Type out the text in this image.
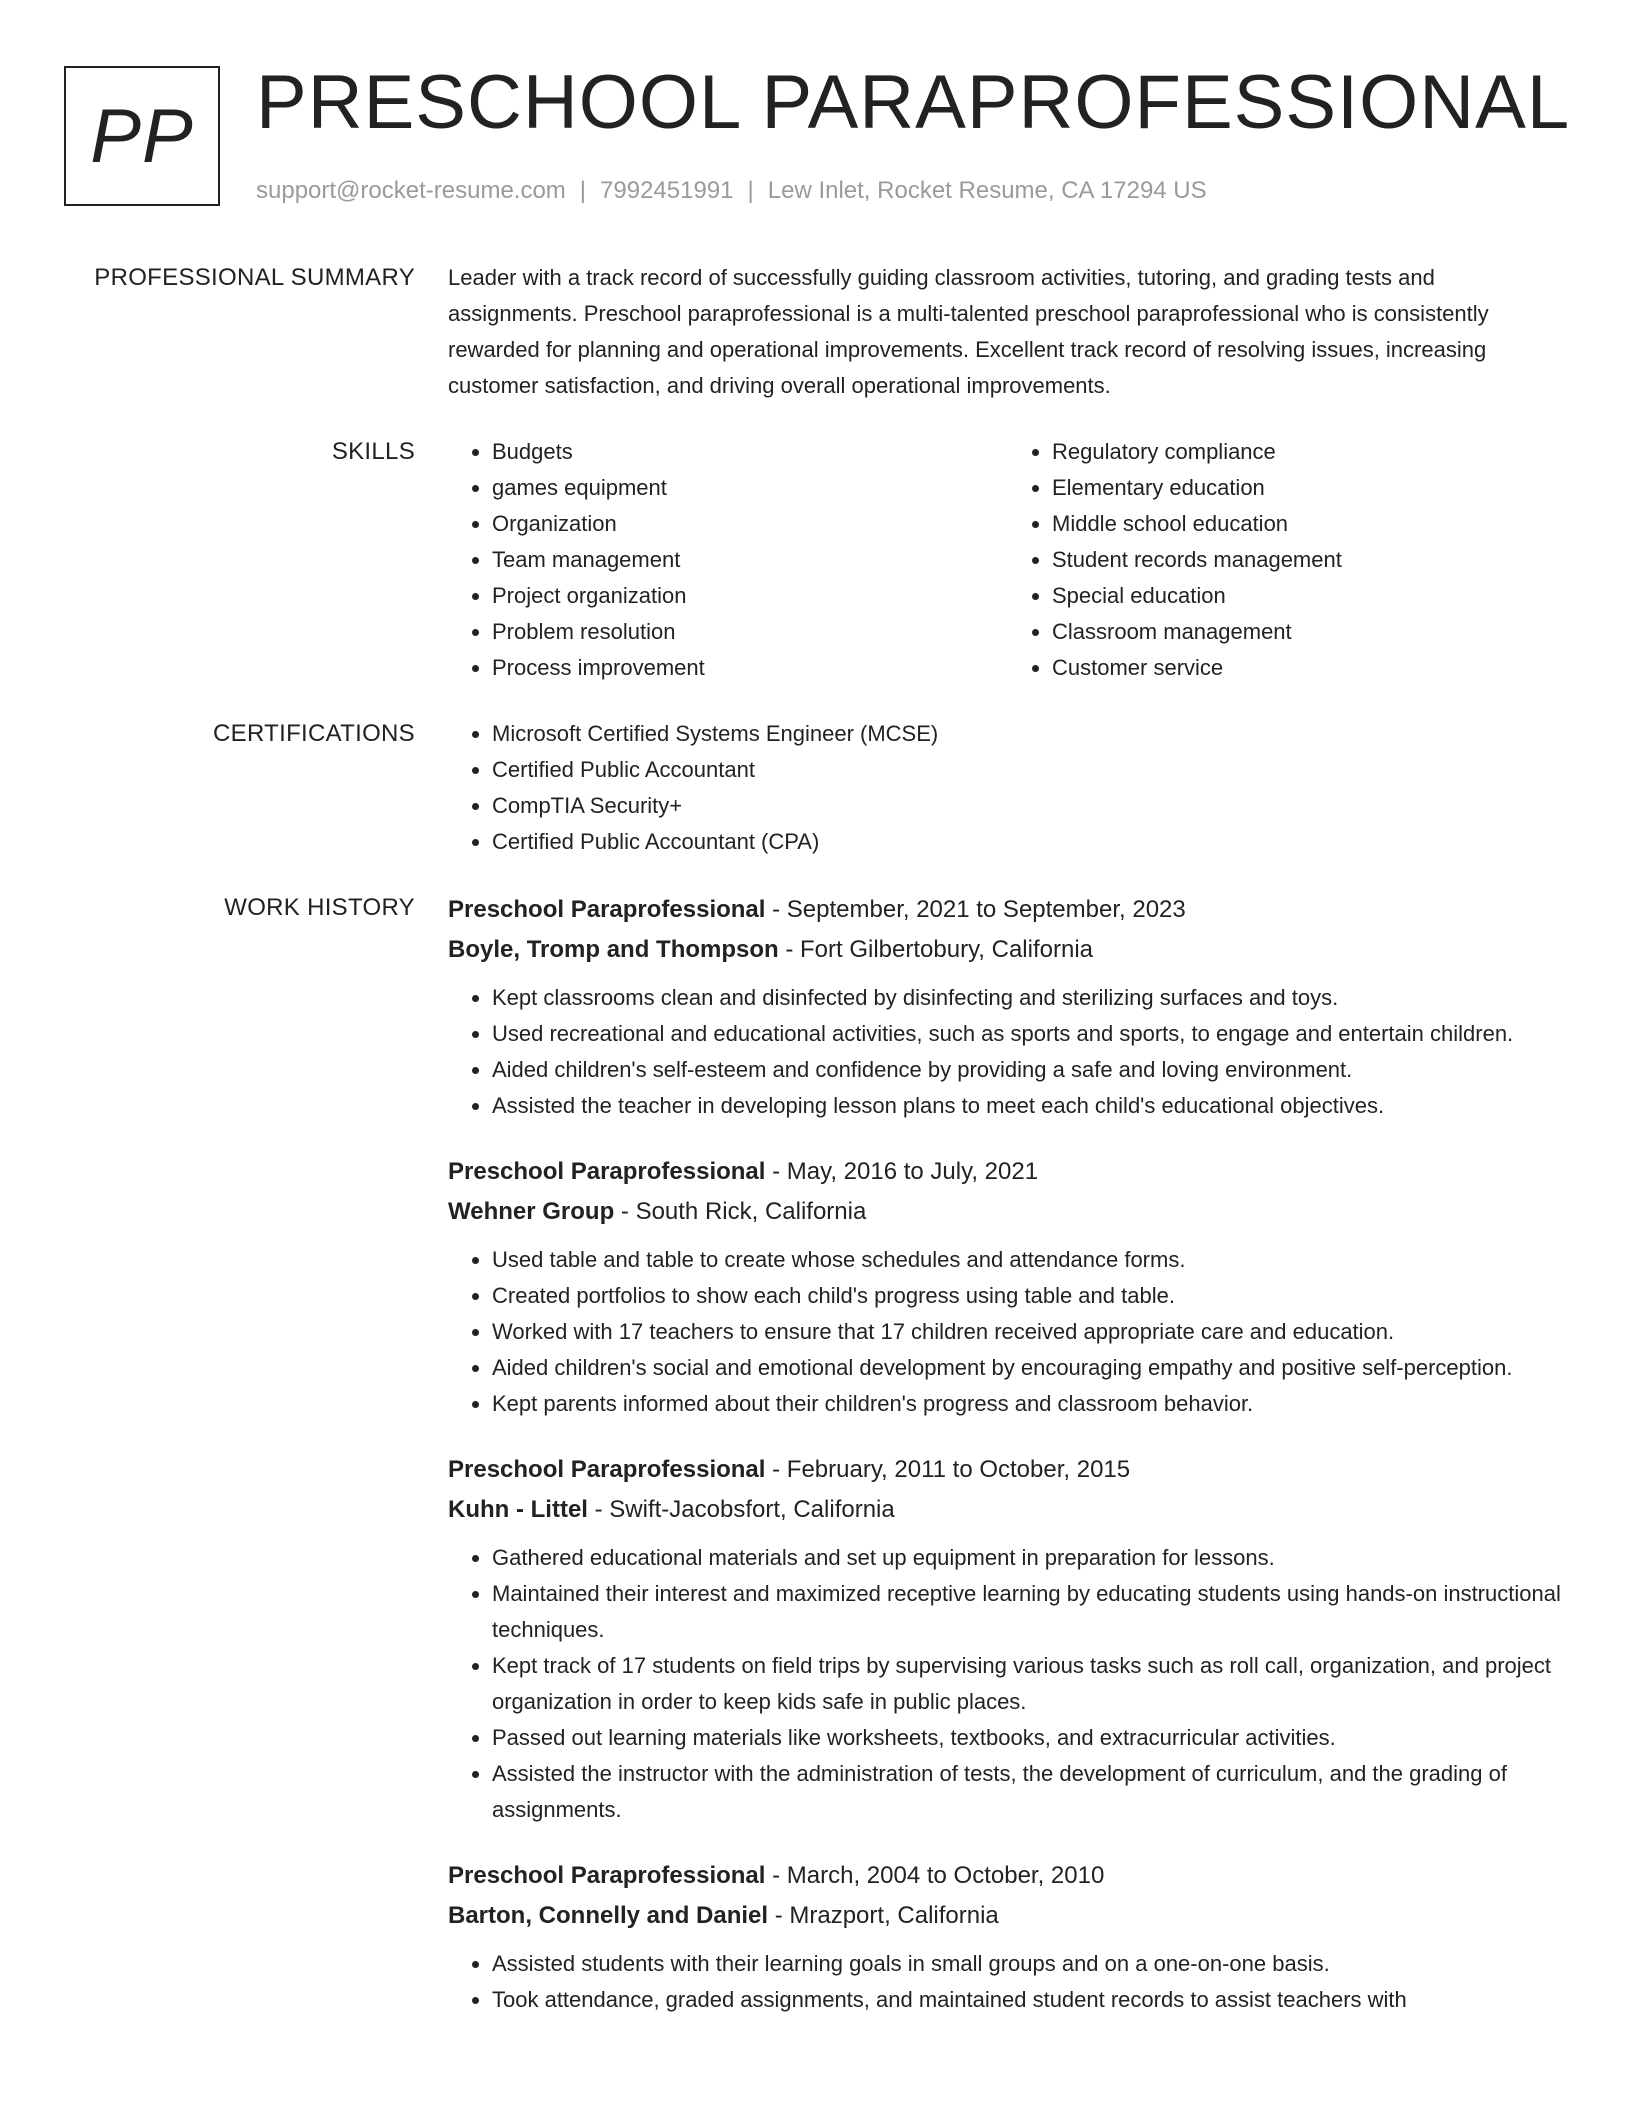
PP PRESCHOOL PARAPROFESSIONAL
support@rocket-resume.com | 7992451991 | Lew Inlet, Rocket Resume, CA 17294 US
PROFESSIONAL SUMMARY Leader with a track record of successfully guiding classroom activities, tutoring, and grading tests and assignments. Preschool paraprofessional is a multi-talented preschool paraprofessional who is consistently rewarded for planning and operational improvements. Excellent track record of resolving issues, increasing customer satisfaction, and driving overall operational improvements.

SKILLS	• Budgets
• games equipment
• Organization
• Team management
• Project organization
• Problem resolution
• Process improvement
• Regulatory compliance
• Elementary education
• Middle school education
• Student records management
• Special education
• Classroom management
• Customer service
CERTIFICATIONS	• Microsoft Certified Systems Engineer (MCSE)
• Certified Public Accountant
• CompTIA Security+
• Certified Public Accountant (CPA)
WORK HISTORY Preschool Paraprofessional - September, 2021 to September, 2023
Boyle, Tromp and Thompson - Fort Gilbertobury, California
• Kept classrooms clean and disinfected by disinfecting and sterilizing surfaces and toys.
• Used recreational and educational activities, such as sports and sports, to engage and entertain children.
• Aided children's self-esteem and confidence by providing a safe and loving environment.
• Assisted the teacher in developing lesson plans to meet each child's educational objectives.
Preschool Paraprofessional - May, 2016 to July, 2021
Wehner Group - South Rick, California
• Used table and table to create whose schedules and attendance forms.
• Created portfolios to show each child's progress using table and table.
• Worked with 17 teachers to ensure that 17 children received appropriate care and education.
• Aided children's social and emotional development by encouraging empathy and positive self-perception.
• Kept parents informed about their children's progress and classroom behavior.
Preschool Paraprofessional - February, 2011 to October, 2015
Kuhn - Littel - Swift-Jacobsfort, California
• Gathered educational materials and set up equipment in preparation for lessons.
• Maintained their interest and maximized receptive learning by educating students using hands-on instructional techniques.
• Kept track of 17 students on field trips by supervising various tasks such as roll call, organization, and project organization in order to keep kids safe in public places.
• Passed out learning materials like worksheets, textbooks, and extracurricular activities.
• Assisted the instructor with the administration of tests, the development of curriculum, and the grading of assignments.
Preschool Paraprofessional - March, 2004 to October, 2010
Barton, Connelly and Daniel - Mrazport, California
• Assisted students with their learning goals in small groups and on a one-on-one basis.
• Took attendance, graded assignments, and maintained student records to assist teachers with
